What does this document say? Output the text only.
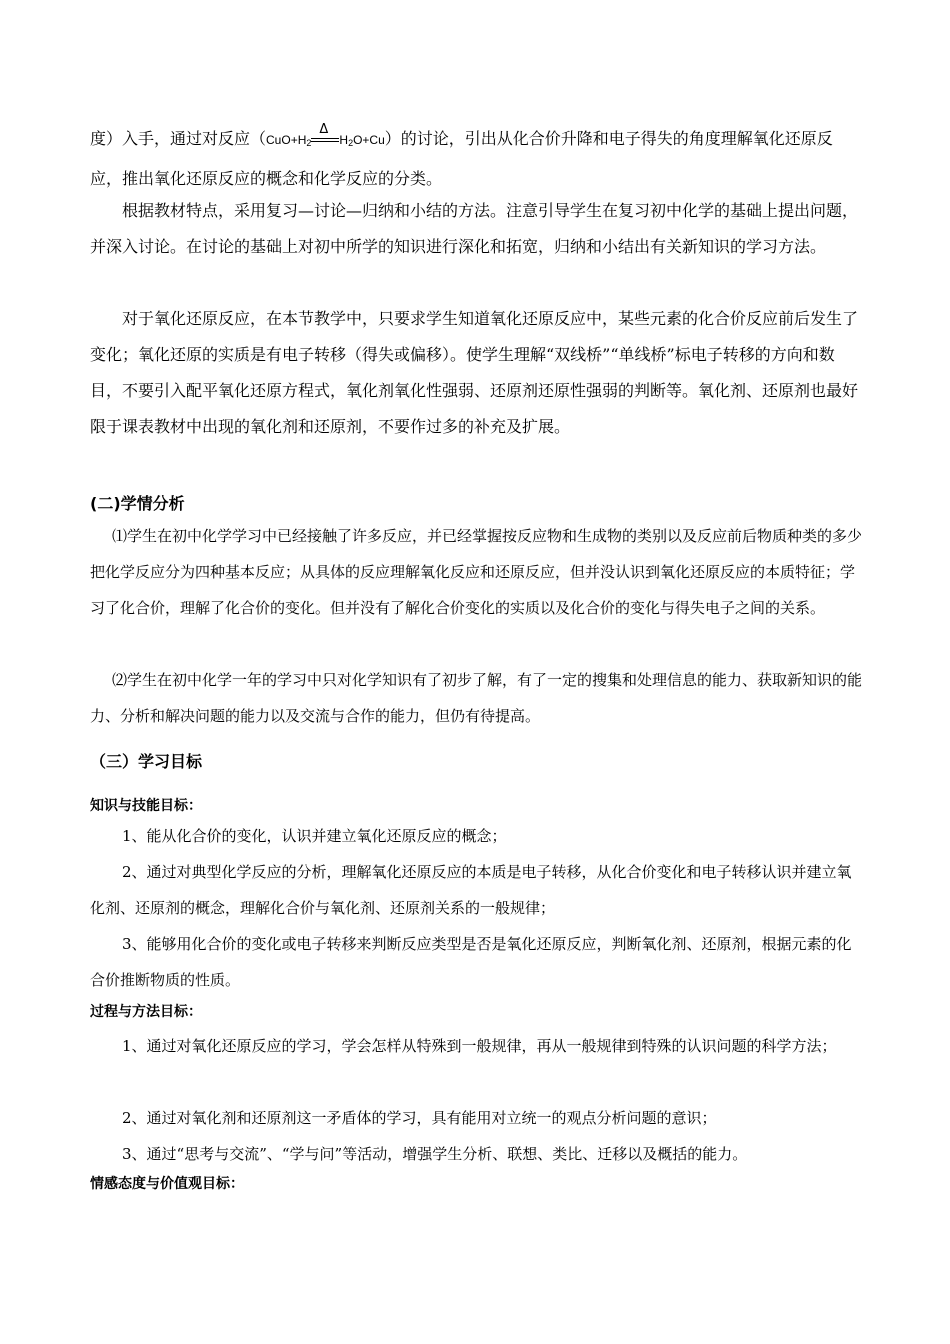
度）入手，通过对反应（$CuO+H_2$
Δ
$H_2O+Cu$）的讨论，引出从化合价升降和电子得失的角度理解氧化还原反应，推出氧化还原反应的概念和化学反应的分类。

根据教材特点，采用复习—讨论—归纳和小结的方法。注意引导学生在复习初中化学的基础上提出问题，并深入讨论。在讨论的基础上对初中所学的知识进行深化和拓宽，归纳和小结出有关新知识的学习方法。

对于氧化还原反应，在本节教学中，只要求学生知道氧化还原反应中，某些元素的化合价反应前后发生了变化；氧化还原的实质是有电子转移（得失或偏移）。使学生理解“双线桥”“单线桥”标电子转移的方向和数目，不要引入配平氧化还原方程式，氧化剂氧化性强弱、还原剂还原性强弱的判断等。氧化剂、还原剂也最好限于课表教材中出现的氧化剂和还原剂，不要作过多的补充及扩展。

(二)学情分析

⑴学生在初中化学学习中已经接触了许多反应，并已经掌握按反应物和生成物的类别以及反应前后物质种类的多少把化学反应分为四种基本反应；从具体的反应理解氧化反应和还原反应，但并没认识到氧化还原反应的本质特征；学习了化合价，理解了化合价的变化。但并没有了解化合价变化的实质以及化合价的变化与得失电子之间的关系。

⑵学生在初中化学一年的学习中只对化学知识有了初步了解，有了一定的搜集和处理信息的能力、获取新知识的能力、分析和解决问题的能力以及交流与合作的能力，但仍有待提高。

（三）学习目标
知识与技能目标：

1、能从化合价的变化，认识并建立氧化还原反应的概念；

2、通过对典型化学反应的分析，理解氧化还原反应的本质是电子转移，从化合价变化和电子转移认识并建立氧化剂、还原剂的概念，理解化合价与氧化剂、还原剂关系的一般规律；

3、能够用化合价的变化或电子转移来判断反应类型是否是氧化还原反应，判断氧化剂、还原剂，根据元素的化合价推断物质的性质。

过程与方法目标：

1、通过对氧化还原反应的学习，学会怎样从特殊到一般规律，再从一般规律到特殊的认识问题的科学方法；

2、通过对氧化剂和还原剂这一矛盾体的学习，具有能用对立统一的观点分析问题的意识；

3、通过“思考与交流”、“学与问”等活动，增强学生分析、联想、类比、迁移以及概括的能力。

情感态度与价值观目标：
